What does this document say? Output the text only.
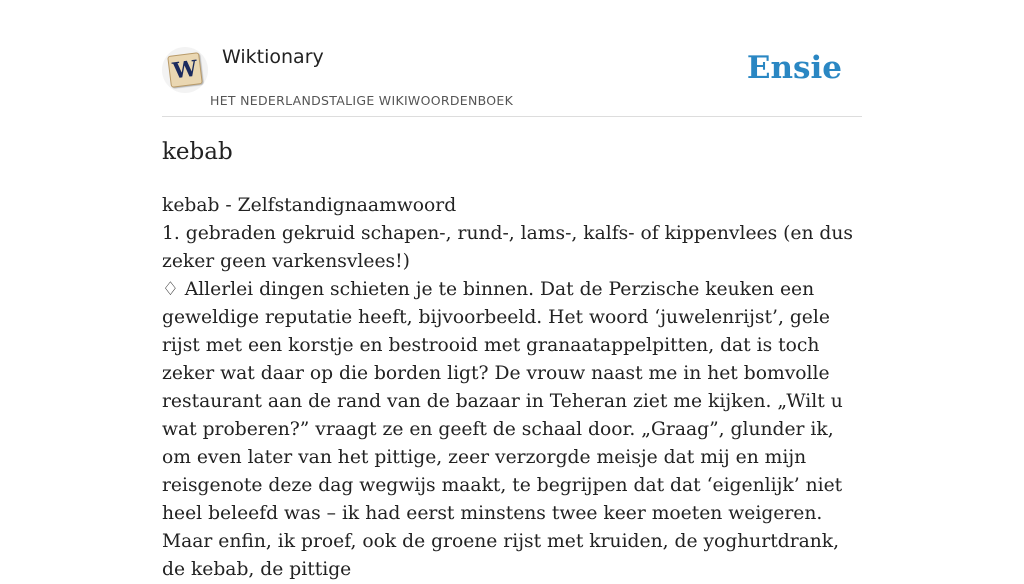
W Wiktionary
HET NEDERLANDSTALIGE WIKIWOORDENBOEK
Ensie
kebab

kebab - Zelfstandignaamwoord

1. gebraden gekruid schapen-, rund-, lams-, kalfs- of kippenvlees (en dus zeker geen varkensvlees!)

♢ Allerlei dingen schieten je te binnen. Dat de Perzische keuken een geweldige reputatie heeft, bijvoorbeeld. Het woord ‘juwelenrijst’, gele rijst met een korstje en bestrooid met granaatappelpitten, dat is toch zeker wat daar op die borden ligt? De vrouw naast me in het bomvolle restaurant aan de rand van de bazaar in Teheran ziet me kijken. „Wilt u wat proberen?” vraagt ze en geeft de schaal door. „Graag”, glunder ik, om even later van het pittige, zeer verzorgde meisje dat mij en mijn reisgenote deze dag wegwijs maakt, te begrijpen dat dat ‘eigenlijk’ niet heel beleefd was – ik had eerst minstens twee keer moeten weigeren. Maar enfin, ik proef, ook de groene rijst met kruiden, de yoghurtdrank, de kebab, de pittige
